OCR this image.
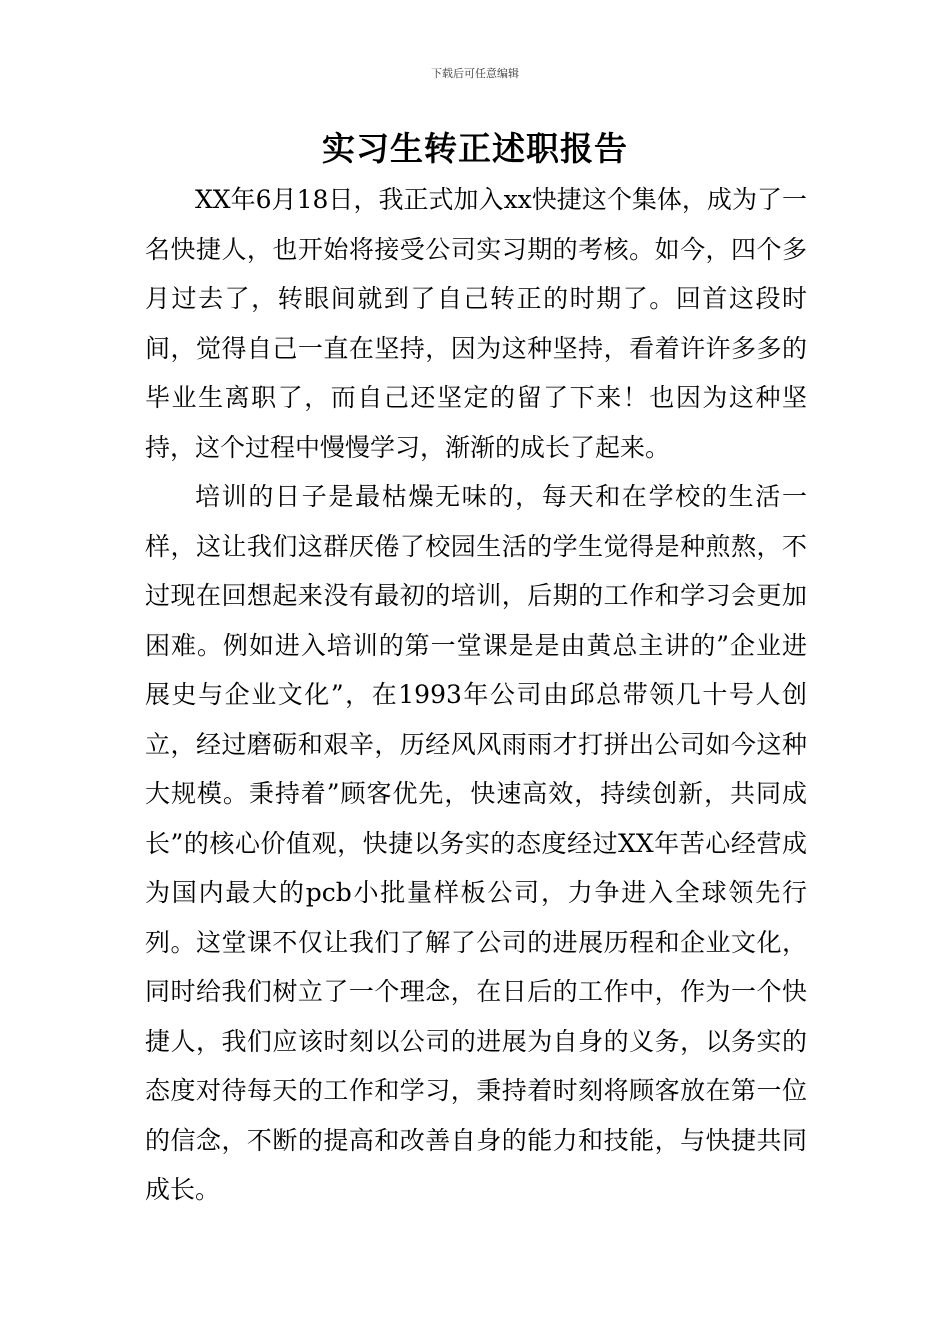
下载后可任意编辑
实习生转正述职报告

XX年6月18日，我正式加入xx快捷这个集体，成为了一名快捷人，也开始将接受公司实习期的考核。如今，四个多月过去了，转眼间就到了自己转正的时期了。回首这段时间，觉得自己一直在坚持，因为这种坚持，看着许许多多的毕业生离职了，而自己还坚定的留了下来！也因为这种坚持，这个过程中慢慢学习，渐渐的成长了起来。

培训的日子是最枯燥无味的，每天和在学校的生活一样，这让我们这群厌倦了校园生活的学生觉得是种煎熬，不过现在回想起来没有最初的培训，后期的工作和学习会更加困难。例如进入培训的第一堂课是是由黄总主讲的”企业进展史与企业文化”，在1993年公司由邱总带领几十号人创立，经过磨砺和艰辛，历经风风雨雨才打拼出公司如今这种大规模。秉持着”顾客优先，快速高效，持续创新，共同成长”的核心价值观，快捷以务实的态度经过XX年苦心经营成为国内最大的pcb小批量样板公司，力争进入全球领先行列。这堂课不仅让我们了解了公司的进展历程和企业文化，同时给我们树立了一个理念，在日后的工作中，作为一个快捷人，我们应该时刻以公司的进展为自身的义务，以务实的态度对待每天的工作和学习，秉持着时刻将顾客放在第一位的信念，不断的提高和改善自身的能力和技能，与快捷共同成长。
